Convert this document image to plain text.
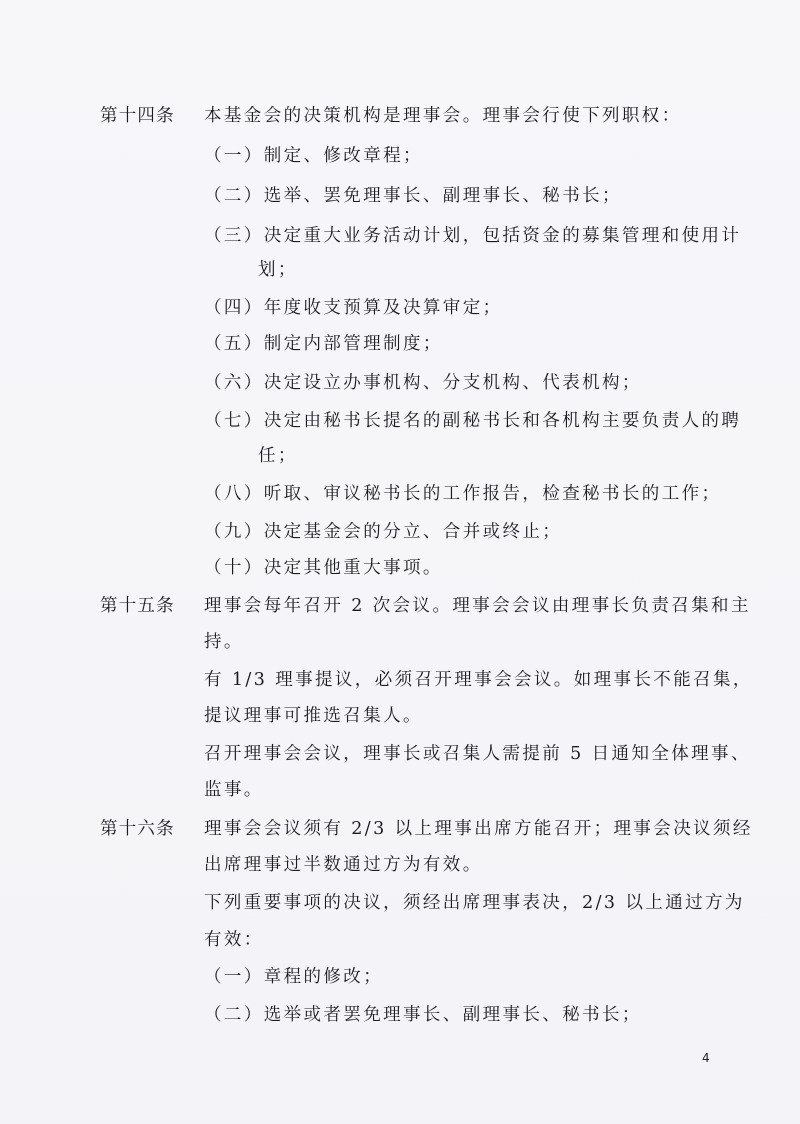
第十四条 本基金会的决策机构是理事会。理事会行使下列职权：
（一）制定、修改章程；
（二）选举、罢免理事长、副理事长、秘书长；
（三）决定重大业务活动计划，包括资金的募集管理和使用计
划；
（四）年度收支预算及决算审定；
（五）制定内部管理制度；
（六）决定设立办事机构、分支机构、代表机构；
（七）决定由秘书长提名的副秘书长和各机构主要负责人的聘
任；
（八）听取、审议秘书长的工作报告，检查秘书长的工作；
（九）决定基金会的分立、合并或终止；
（十）决定其他重大事项。
第十五条 理事会每年召开 2 次会议。理事会会议由理事长负责召集和主
持。
有 1/3 理事提议，必须召开理事会会议。如理事长不能召集，
提议理事可推选召集人。
召开理事会会议，理事长或召集人需提前 5 日通知全体理事、
监事。
第十六条 理事会会议须有 2/3 以上理事出席方能召开；理事会决议须经
出席理事过半数通过方为有效。
下列重要事项的决议，须经出席理事表决，2/3 以上通过方为
有效：
（一）章程的修改；
（二）选举或者罢免理事长、副理事长、秘书长；
4
